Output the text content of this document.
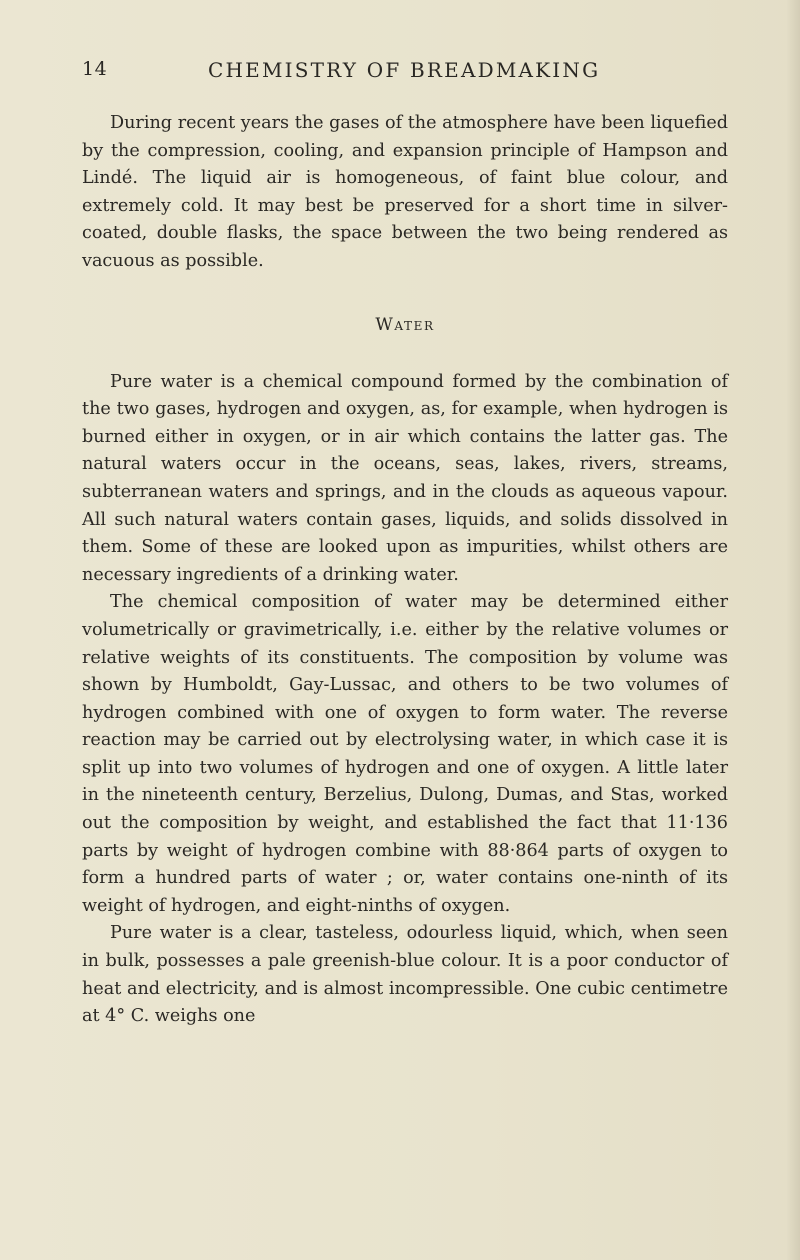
14	CHEMISTRY OF BREADMAKING

During recent years the gases of the atmosphere have been liquefied by the compression, cooling, and expansion principle of Hampson and Lindé. The liquid air is homogeneous, of faint blue colour, and extremely cold. It may best be preserved for a short time in silver-coated, double flasks, the space between the two being rendered as vacuous as possible.

Water

Pure water is a chemical compound formed by the combination of the two gases, hydrogen and oxygen, as, for example, when hydrogen is burned either in oxygen, or in air which contains the latter gas. The natural waters occur in the oceans, seas, lakes, rivers, streams, subterranean waters and springs, and in the clouds as aqueous vapour. All such natural waters contain gases, liquids, and solids dissolved in them. Some of these are looked upon as impurities, whilst others are necessary ingredients of a drinking water.

The chemical composition of water may be determined either volumetrically or gravimetrically, i.e. either by the relative volumes or relative weights of its constituents. The composition by volume was shown by Humboldt, Gay-Lussac, and others to be two volumes of hydrogen combined with one of oxygen to form water. The reverse reaction may be carried out by electrolysing water, in which case it is split up into two volumes of hydrogen and one of oxygen. A little later in the nineteenth century, Berzelius, Dulong, Dumas, and Stas, worked out the composition by weight, and established the fact that 11·136 parts by weight of hydrogen combine with 88·864 parts of oxygen to form a hundred parts of water ; or, water contains one-ninth of its weight of hydrogen, and eight-ninths of oxygen.

Pure water is a clear, tasteless, odourless liquid, which, when seen in bulk, possesses a pale greenish-blue colour. It is a poor conductor of heat and electricity, and is almost incompressible. One cubic centimetre at 4° C. weighs one
